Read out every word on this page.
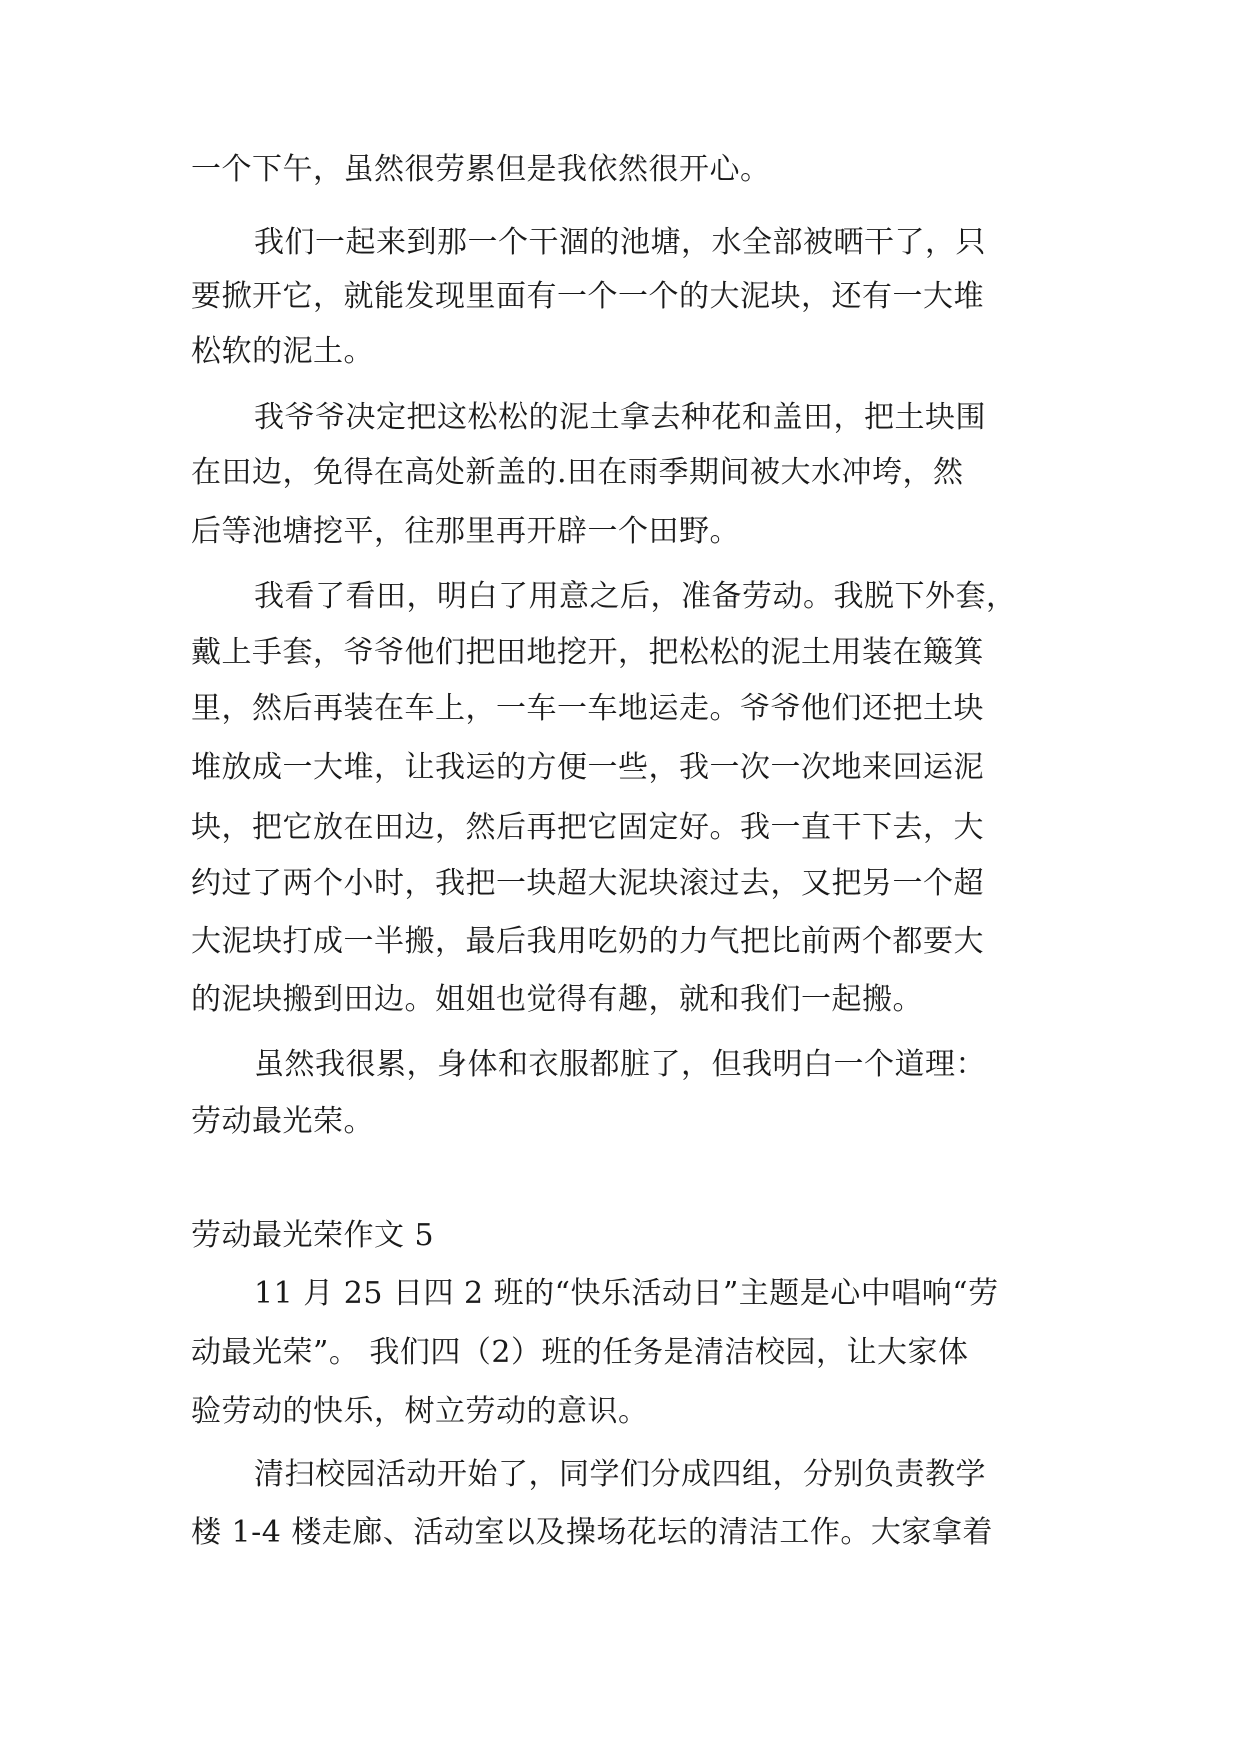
一个下午，虽然很劳累但是我依然很开心。
我们一起来到那一个干涸的池塘，水全部被晒干了，只
要掀开它，就能发现里面有一个一个的大泥块，还有一大堆
松软的泥土。
我爷爷决定把这松松的泥土拿去种花和盖田，把土块围
在田边，免得在高处新盖的.田在雨季期间被大水冲垮，然
后等池塘挖平，往那里再开辟一个田野。
我看了看田，明白了用意之后，准备劳动。我脱下外套，
戴上手套，爷爷他们把田地挖开，把松松的泥土用装在簸箕
里，然后再装在车上，一车一车地运走。爷爷他们还把土块
堆放成一大堆，让我运的方便一些，我一次一次地来回运泥
块，把它放在田边，然后再把它固定好。我一直干下去，大
约过了两个小时，我把一块超大泥块滚过去，又把另一个超
大泥块打成一半搬，最后我用吃奶的力气把比前两个都要大
的泥块搬到田边。姐姐也觉得有趣，就和我们一起搬。
虽然我很累，身体和衣服都脏了，但我明白一个道理：
劳动最光荣。
劳动最光荣作文 5
11 月 25 日四 2 班的“快乐活动日”主题是心中唱响“劳
动最光荣”。 我们四（2）班的任务是清洁校园，让大家体
验劳动的快乐，树立劳动的意识。
清扫校园活动开始了，同学们分成四组，分别负责教学
楼 1-4 楼走廊、活动室以及操场花坛的清洁工作。大家拿着
